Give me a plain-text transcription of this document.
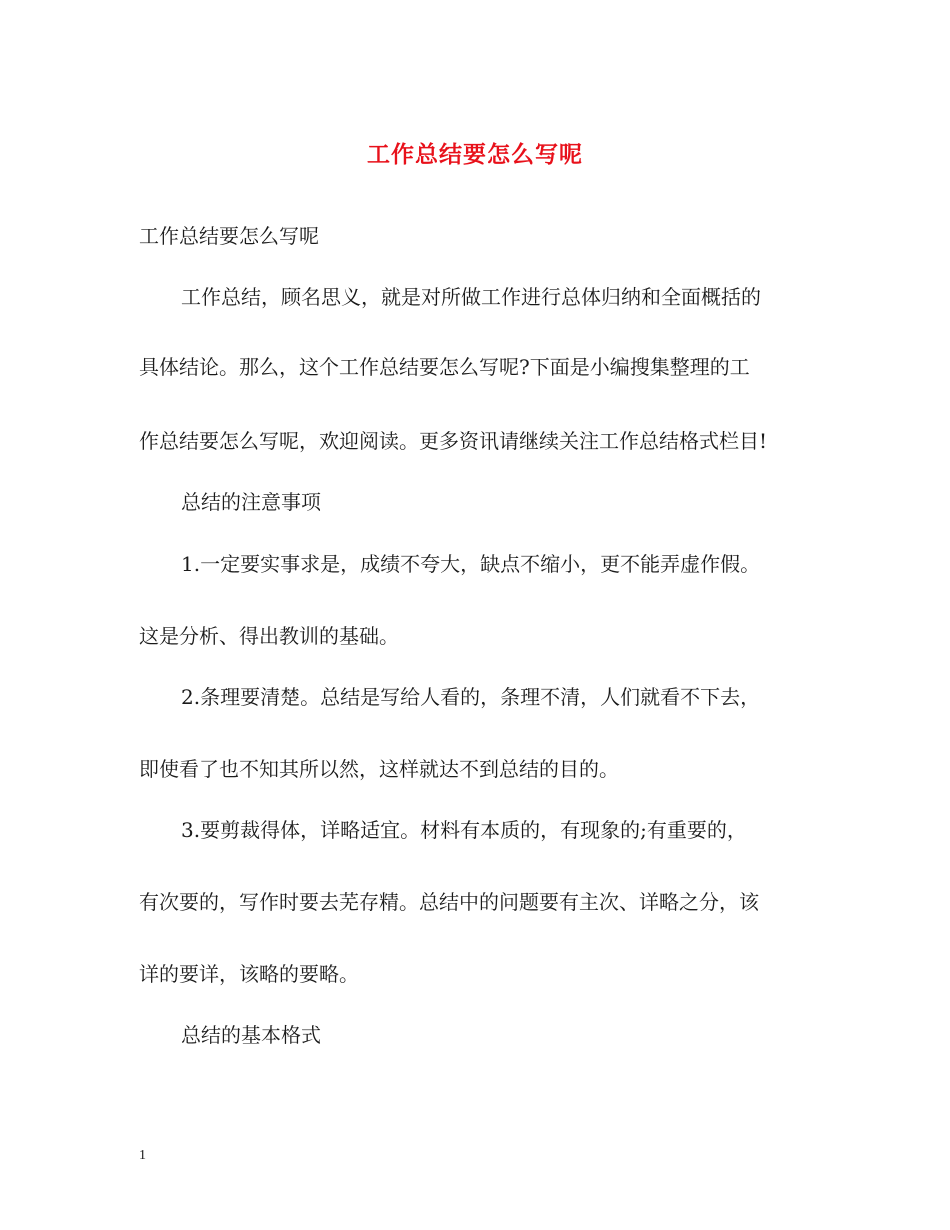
工作总结要怎么写呢
工作总结要怎么写呢
工作总结，顾名思义，就是对所做工作进行总体归纳和全面概括的
具体结论。那么，这个工作总结要怎么写呢?下面是小编搜集整理的工
作总结要怎么写呢，欢迎阅读。更多资讯请继续关注工作总结格式栏目!
总结的注意事项
1.一定要实事求是，成绩不夸大，缺点不缩小，更不能弄虚作假。
这是分析、得出教训的基础。
2.条理要清楚。总结是写给人看的，条理不清，人们就看不下去，
即使看了也不知其所以然，这样就达不到总结的目的。
3.要剪裁得体，详略适宜。材料有本质的，有现象的;有重要的，
有次要的，写作时要去芜存精。总结中的问题要有主次、详略之分，该
详的要详，该略的要略。
总结的基本格式
1
